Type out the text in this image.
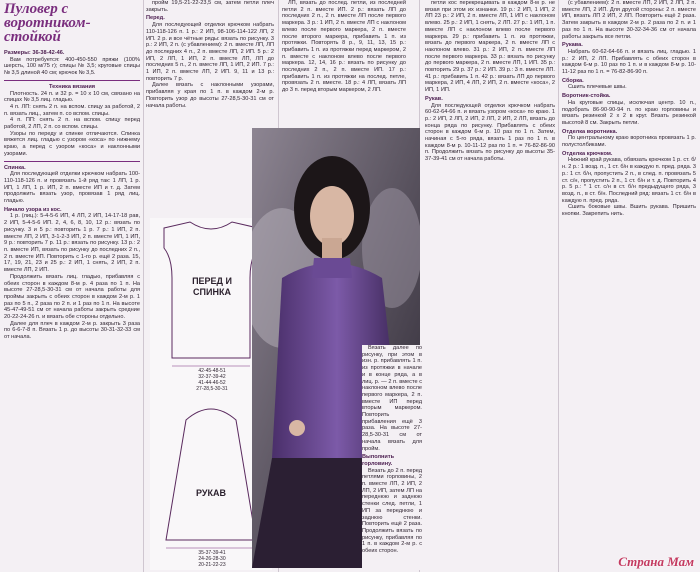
Пуловер с
воротником-
стойкой

Размеры: 36-38-42-46.

Вам потребуется: 400-450-550 пряжи (100% шерсть, 100 м/75 г); спицы № 3,5; круговые спицы № 3,5 длиной 40 см; крючок № 3,5.

Техника вязания

Плотность. 24 п. и 32 р. = 10 х 10 см, связано на спицах № 3,5 лиц. гладью.

4 п. ЛП: снять 2 п. на вспом. спицу за работой, 2 п. вязать лиц., затем п. со вспом. спицы.

4 п. ПП: снять 2 п. на вспом. спицу перед работой, 2 ЛП, 2 п. со вспом. спицы.

Узоры по переду и спинке отличаются. Спинка вяжется лиц. гладью с узором «коса» по нижнему краю, а перед с узором «коса» и наклонными узорами.

Спинка.

Для последующей отделки крючком набрать 100-110-118-126 п. и провязать 1-й ряд так: 1 ЛП, 1 р. ИП, 1 ЛП, 1 р. ИП, 2 п. вместе ИП и т. д. Затем продолжить вязать узор, провязав 1 ряд лиц. гладью.

Начало узора из кос.

1 р. (лиц.): 5-4-5-6 ИП, 4 ЛП, 2 ИП, 14-17-18 рав, 2 ИП, 5-4-5-6 ИП. 2, 4, 6, 8, 10, 12 р.: вязать по рисунку. 3 и 5 р.: повторить 1 р. 7 р.: 1 ИП, 2 п. вместе ЛП, 2 ИП, 3-1-2-3 ИП, 2 п. вместе ИП, 1 ИП, 9 р.: повторить 7 р. 11 р.: вязать по рисунку. 13 р.: 2 п. вместе ИП, вязать по рисунку до последних 2 п., 2 п. вместе ИП. Повторить с 1-го р. ещё 2 раза. 15, 17, 19, 21, 23 и 25 р.: 2 ИП, 1 снять, 2 ИП, 2 п. вместе ЛП, 2 ИП.

Продолжить вязать лиц. гладью, прибавляя с обеих сторон в каждом 8-м р. 4 раза по 1 п. На высоте 27-28,5-30-31 см от начала работы для проймы закрыть с обеих сторон в каждом 2-м р. 1 раз по 5 п., 2 раза по 2 п. и 1 раз по 1 п. На высоте 45-47-49-51 см от начала работы закрыть средние 20-22-24-26 п. и вязать обе стороны отдельно.

Далее для плеч в каждом 2-м р. закрыть 3 раза по 6-6-7-8 п. Вязать 1 р. до высоты 30-31-32-33 см от начала.

пройм 19,5-21-22-23,5 см, затем петли плеч закрыть.

Перед.

Для последующей отделки крючком набрать 110-118-126 п. 1 р.: 2 ИП, 98-106-114-122 ЛП, 2 ИП. 2 р. и все чётные ряды: вязать по рисунку. 3 р.: 2 ИП, 2 п. (с убавлением): 2 п. вместе ЛП, ЛП до последних 4 п., 2 п. вместе ЛП, 2 ИП. 5 р.: 2 ИП, 2 ЛП, 1 ИП, 2 п. вместе ЛП, ЛП до последних 5 п., 2 п. вместе ЛП, 1 ИП, 2 ИП. 7 р.: 1 ИП, 2 п. вместе ЛП, 2 ИП. 9, 11 и 13 р.: повторить 7 р.

Далее вязать с наклонными узорами, прибавляя у края по 1 п. в каждом 2-м р. Повторить узор до высоты 27-28,5-30-31 см от начала работы.

ПЕРЕД И СПИНКА
РУКАВ
42-45-48-51
32-37-39-42
41-44-46-52
27-28,5-30-31
35-37-39-41
24-26-28-30
20-21-22-23

ЛП, вязать до послед. петли, из последней петли 2 п. вместе ИП. 2 р.: вязать ЛП до последних 2 п., 2 п. вместе ЛП после первого маркера. 3 р.: 1 ИП, 2 п. вместе ЛП с наклоном влево после первого маркера, 2 п. вместе после второго маркера, прибавить 1 п. из протяжки. Повторять 8 р., 9, 11, 13, 15 р.: прибавить 1 п. из протяжки перед маркером, 2 п. вместе с наклоном влево после первого маркера. 12, 14, 16 р.: вязать по рисунку до последних 2 п., 2 п. вместе ИП. 17 р.: прибавить 1 п. из протяжки на послед. петле, провязать 2 п. вместе. 18 р.: 4 ЛП, вязать ЛП до 3 п. перед вторым маркером, 2 ЛП.

Вязать далее по рисунку, при этом в изн. р. прибавлять 1 п. из протяжки в начале и в конце ряда, а в лиц. р. — 2 п. вместе с наклоном влево после первого маркера, 2 п. вместе ИП перед вторым маркером. Повторить прибавления ещё 3 раза. На высоте 27-28,5-30-31 см от начала вязать для пройм.

Выполнить горловину.

Вязать до 2 п. перед петлями горловины, 2 п. вместе ЛП, 2 ИП, 2 ЛП, 2 ИП, затем ЛП на переднюю и заднюю стенки след. петли, 1 ИП за переднюю и заднюю стенки. Повторить ещё 2 раза. Продолжить вязать по рисунку, прибавляя по 1 п. в каждом 2-м р. с обеих сторон.

петли кос перекрещивать в каждом 8-м р. не вязая при этом их изнанки. 19 р.: 2 ИП, 1 ИП, 2 ЛП 23 р.: 2 ИП, 2 п. вместе ЛП, 1 ИП с наклоном влево. 25 р.: 2 ИП, 1 снять, 2 ЛП. 27 р.: 1 ИП, 1 п. вместе ЛП с наклоном влево после первого маркера. 29 р.: прибавить 1 п. из протяжки, вязать до первого маркера, 2 п. вместе ЛП с наклоном влево. 31 р.: 2 ИП, 2 п. вместе ЛП после первого маркера. 33 р.: вязать по рисунку до первого маркера, 2 п. вместе ЛП, 1 ИП. 35 р.: повторить 29 р. 37 р.: 2 ИП. 39 р.: 3 п. вместе ЛП. 41 р.: прибавить 1 п. 42 р.: вязать ЛП до первого маркера, 2 ИП, 4 ЛП, 2 ИП, 2 п. вместе «коса», 2 ИП, 1 ИП.

Рукав.

Для последующей отделки крючком набрать 60-62-64-66 п. и вязать узором «коса» по краю. 1 р.: 2 ИП, 2 ЛП, 2 ИП, 2 ЛП, 2 ИП, 2 ЛП, вязать до конца ряда по рисунку. Прибавлять с обеих сторон в каждом 6-м р. 10 раз по 1 п. Затем, начиная с 5-го ряда, вязать 1 раз по 1 п. в каждом 8-м р. 10-11-12 раз по 1 п. = 76-82-86-90 п. Продолжить вязать по рисунку до высоты 35-37-39-41 см от начала работы.

(с убавлением): 2 п. вместе ЛП, 2 ИП, 2 ЛП, 2 п. вместе ЛП, 2 ИП. Для другой стороны: 2 п. вместе ИП, вязать ЛП 2 ИП, 2 ЛП. Повторить ещё 2 раза. Затем закрыть в каждом 2-м р. 2 раза по 2 п. и 1 раз по 1 п. На высоте 30-32-34-36 см от начала работы закрыть все петли.

Рукава.

Набрать 60-62-64-66 п. и вязать лиц. гладью. 1 р.: 2 ИП, 2 ЛП. Прибавлять с обеих сторон в каждом 6-м р. 10 раз по 1 п. и в каждом 8-м р. 10-11-12 раз по 1 п. = 76-82-86-90 п.

Сборка.

Сшить плечевые швы.

Воротник-стойка.

На круговые спицы, исключая центр. 10 п., подобрать 86-90-90-94 п. по краю горловины и вязать резинкой 2 х 2 в круг. Вязать резинкой высотой 8 см. Закрыть петли.

Отделка воротника.

По центральному краю воротника провязать 1 р. полустолбиками.

Отделка крючком.

Нижний край рукава, обвязать крючком 1 р. ст. б/н. 2 р.: 1 возд. п., 1 ст. б/н в каждую п. пред. ряда. 3 р.: 1 ст. б/н, пропустить 2 п., в след. п. провязать 5 ст. с/н, пропустить 2 п., 1 ст. б/н и т. д. Повторить 4 р. 5 р.: * 1 ст. с/н в ст. б/н предыдущего ряда, 3 возд. п., в ст. б/н. Последний ряд: вязать 1 ст. б/н в каждую п. пред. ряда.

Сшить боковые швы. Вшить рукава. Пришить кнопки. Закрепить нить.

Страна Мам
